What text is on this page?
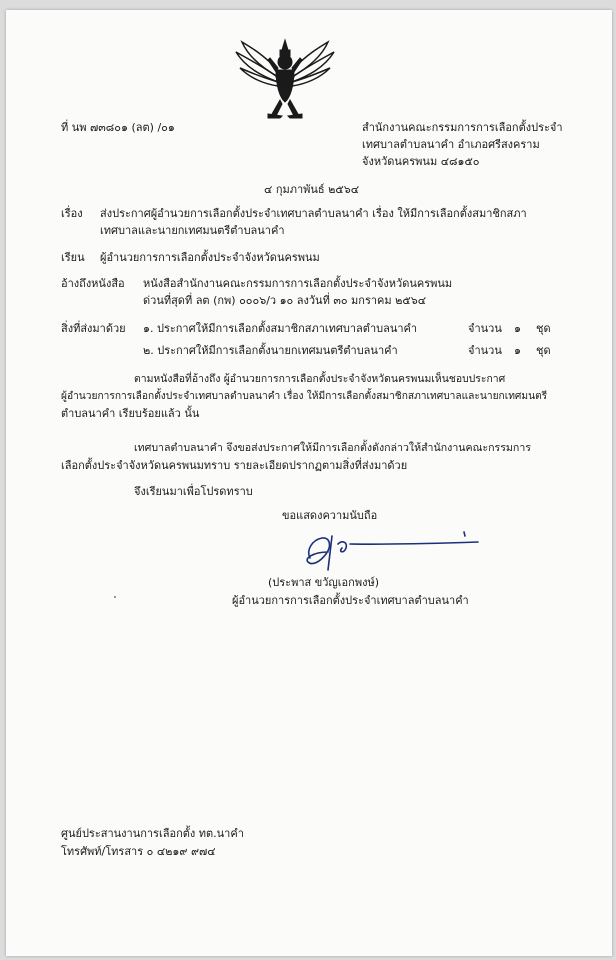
ที่ นพ ๗๓๘๐๑ (ลต) /๐๑	สำนักงานคณะกรรมการการเลือกตั้งประจำ
เทศบาลตำบลนาคำ อำเภอศรีสงคราม
จังหวัดนครพนม ๔๘๑๕๐
๔ กุมภาพันธ์ ๒๕๖๔
เรื่อง ส่งประกาศผู้อำนวยการเลือกตั้งประจำเทศบาลตำบลนาคำ เรื่อง ให้มีการเลือกตั้งสมาชิกสภา
เทศบาลและนายกเทศมนตรีตำบลนาคำ
เรียน ผู้อำนวยการการเลือกตั้งประจำจังหวัดนครพนม
อ้างถึงหนังสือ หนังสือสำนักงานคณะกรรมการการเลือกตั้งประจำจังหวัดนครพนม
ด่วนที่สุดที่ ลต (กพ) ๐๐๐๖/ว ๑๐ ลงวันที่ ๓๐ มกราคม ๒๕๖๔
สิ่งที่ส่งมาด้วย ๑. ประกาศให้มีการเลือกตั้งสมาชิกสภาเทศบาลตำบลนาคำ	จำนวน ๑ ชุด
๒. ประกาศให้มีการเลือกตั้งนายกเทศมนตรีตำบลนาคำ	จำนวน ๑ ชุด
ตามหนังสือที่อ้างถึง ผู้อำนวยการการเลือกตั้งประจำจังหวัดนครพนมเห็นชอบประกาศ
ผู้อำนวยการการเลือกตั้งประจำเทศบาลตำบลนาคำ เรื่อง ให้มีการเลือกตั้งสมาชิกสภาเทศบาลและนายกเทศมนตรี
ตำบลนาคำ เรียบร้อยแล้ว นั้น
เทศบาลตำบลนาคำ จึงขอส่งประกาศให้มีการเลือกตั้งดังกล่าวให้สำนักงานคณะกรรมการ
เลือกตั้งประจำจังหวัดนครพนมทราบ รายละเอียดปรากฏตามสิ่งที่ส่งมาด้วย
จึงเรียนมาเพื่อโปรดทราบ
ขอแสดงความนับถือ
(ประพาส ขวัญเอกพงษ์)
ผู้อำนวยการการเลือกตั้งประจำเทศบาลตำบลนาคำ
ศูนย์ประสานงานการเลือกตั้ง ทต.นาคำ
โทรศัพท์/โทรสาร ๐ ๔๒๑๙ ๙๗๔
